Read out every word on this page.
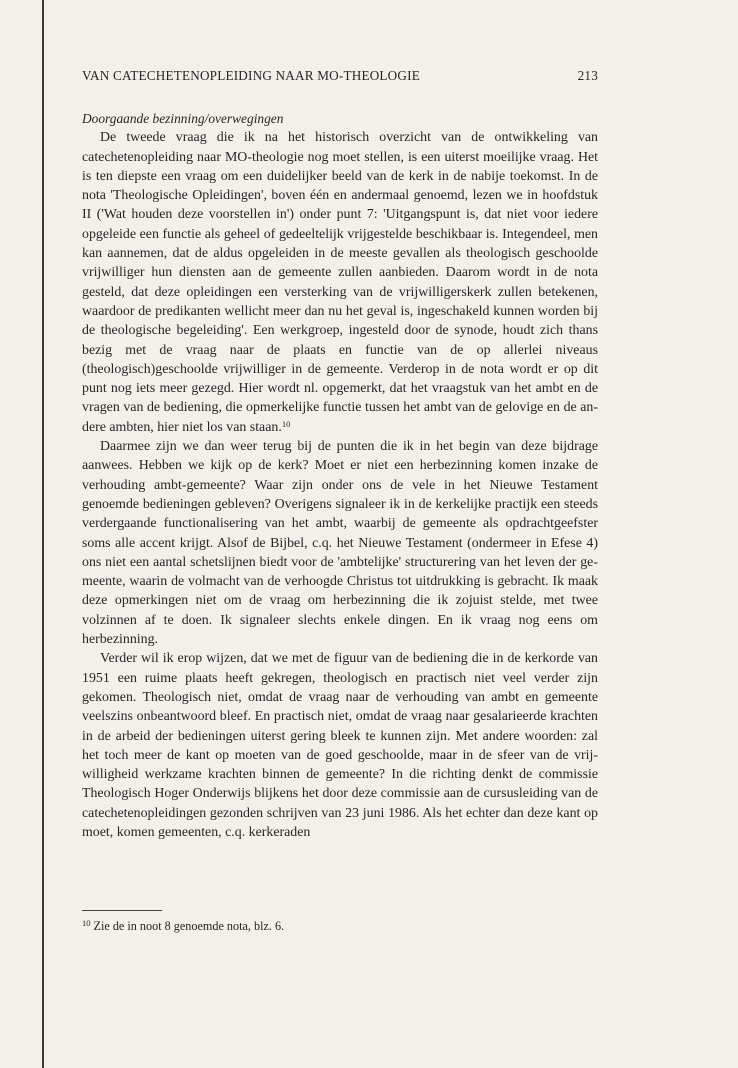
VAN CATECHETENOPLEIDING NAAR MO-THEOLOGIE	213
Doorgaande bezinning/overwegingen

De tweede vraag die ik na het historisch overzicht van de ontwikkeling van catechetenopleiding naar MO-theologie nog moet stellen, is een uiterst moeilijke vraag. Het is ten diepste een vraag om een duidelijker beeld van de kerk in de nabije toekomst. In de nota 'Theologische Opleidingen', boven één en andermaal genoemd, lezen we in hoofdstuk II ('Wat houden deze voorstellen in') onder punt 7: 'Uitgangspunt is, dat niet voor iedere opgeleide een functie als geheel of gedeeltelijk vrijgestelde beschikbaar is. Integendeel, men kan aannemen, dat de aldus opgeleiden in de meeste gevallen als theologisch geschoolde vrijwilliger hun diensten aan de gemeente zullen aanbieden. Daarom wordt in de nota gesteld, dat deze opleidingen een versterking van de vrijwilligerskerk zullen betekenen, waardoor de predikanten wellicht meer dan nu het geval is, ingeschakeld kunnen worden bij de theologische begeleiding'. Een werkgroep, ingesteld door de synode, houdt zich thans bezig met de vraag naar de plaats en functie van de op allerlei niveaus (theologisch)geschoolde vrijwilliger in de gemeente. Verderop in de nota wordt er op dit punt nog iets meer gezegd. Hier wordt nl. opgemerkt, dat het vraagstuk van het ambt en de vragen van de bediening, die opmerkelijke functie tussen het ambt van de gelovige en de andere ambten, hier niet los van staan.$^{10}$

Daarmee zijn we dan weer terug bij de punten die ik in het begin van deze bijdrage aanwees. Hebben we kijk op de kerk? Moet er niet een herbezinning komen inzake de verhouding ambt-gemeente? Waar zijn onder ons de vele in het Nieuwe Testament genoemde bedieningen gebleven? Overigens signaleer ik in de kerkelijke practijk een steeds verdergaande functionalisering van het ambt, waarbij de gemeente als opdrachtgeefster soms alle accent krijgt. Alsof de Bijbel, c.q. het Nieuwe Testament (ondermeer in Efese 4) ons niet een aantal schetslijnen biedt voor de 'ambtelijke' structurering van het leven der gemeente, waarin de volmacht van de verhoogde Christus tot uitdrukking is gebracht. Ik maak deze opmerkingen niet om de vraag om herbezinning die ik zojuist stelde, met twee volzinnen af te doen. Ik signaleer slechts enkele dingen. En ik vraag nog eens om herbezinning.

Verder wil ik erop wijzen, dat we met de figuur van de bediening die in de kerkorde van 1951 een ruime plaats heeft gekregen, theologisch en practisch niet veel verder zijn gekomen. Theologisch niet, omdat de vraag naar de verhouding van ambt en gemeente veelszins onbeantwoord bleef. En practisch niet, omdat de vraag naar gesalarieerde krachten in de arbeid der bedieningen uiterst gering bleek te kunnen zijn. Met andere woorden: zal het toch meer de kant op moeten van de goed geschoolde, maar in de sfeer van de vrijwilligheid werkzame krachten binnen de gemeente? In die richting denkt de commissie Theologisch Hoger Onderwijs blijkens het door deze commissie aan de cursusleiding van de catechetenopleidingen gezonden schrijven van 23 juni 1986. Als het echter dan deze kant op moet, komen gemeenten, c.q. kerkeraden

$^{10}$ Zie de in noot 8 genoemde nota, blz. 6.
